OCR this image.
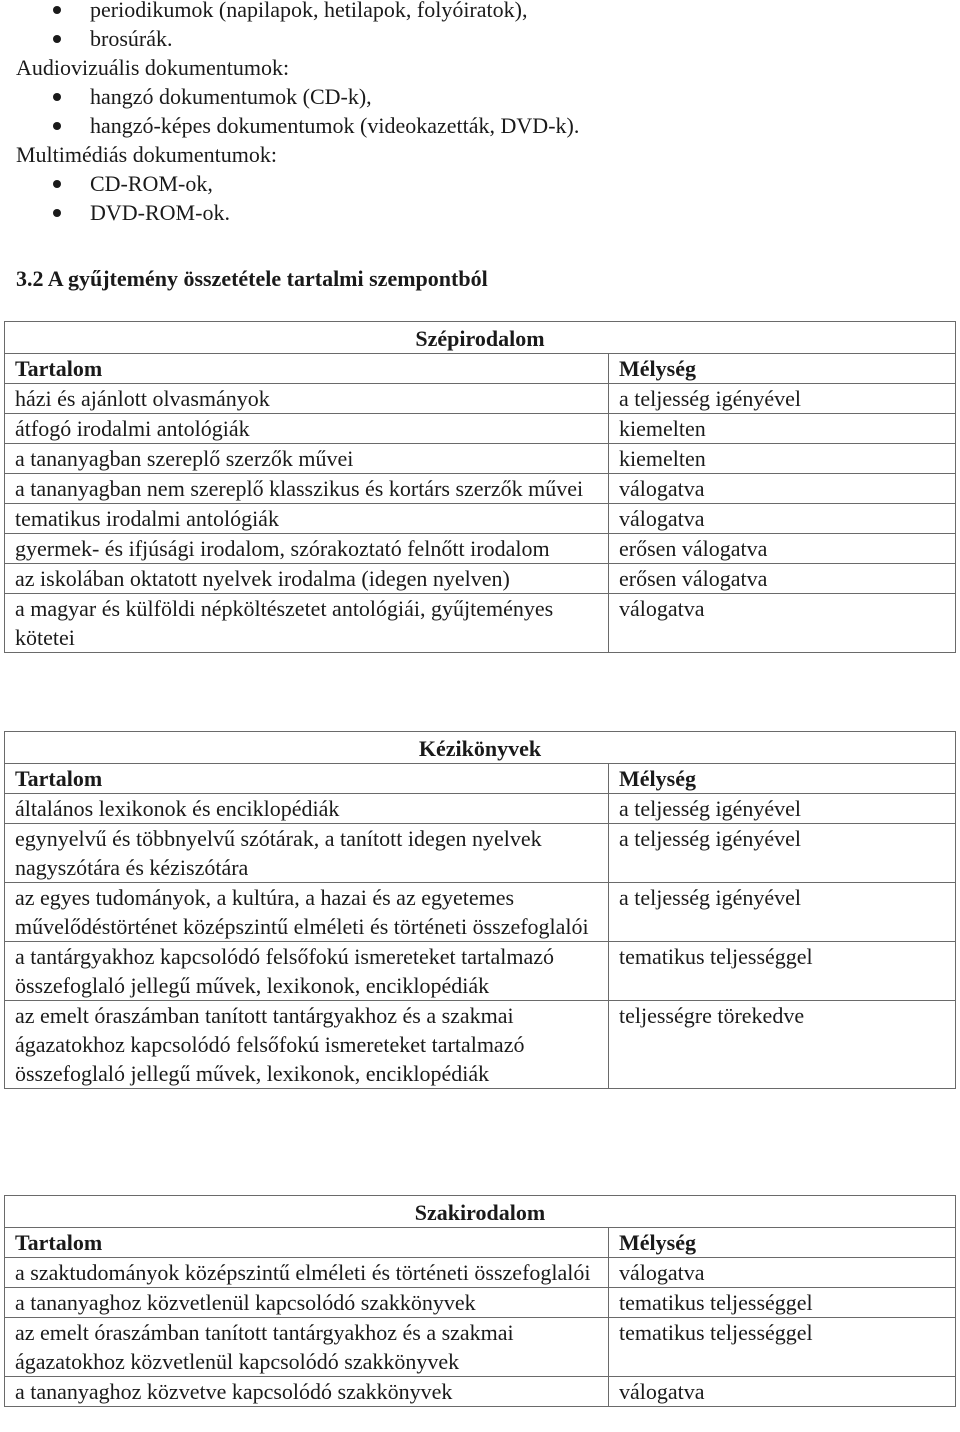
periodikumok (napilapok, hetilapok, folyóiratok),
brosúrák.
Audiovizuális dokumentumok:
hangzó dokumentumok (CD-k),
hangzó-képes dokumentumok (videokazetták, DVD-k).
Multimédiás dokumentumok:
CD-ROM-ok,
DVD-ROM-ok.
3.2 A gyűjtemény összetétele tartalmi szempontból
Szépirodalom	
Tartalom	Mélység
házi és ajánlott olvasmányok	a teljesség igényével
átfogó irodalmi antológiák	kiemelten
a tananyagban szereplő szerzők művei	kiemelten
a tananyagban nem szereplő klasszikus és kortárs szerzők művei	válogatva
tematikus irodalmi antológiák	válogatva
gyermek- és ifjúsági irodalom, szórakoztató felnőtt irodalom	erősen válogatva
az iskolában oktatott nyelvek irodalma (idegen nyelven)	erősen válogatva
a magyar és külföldi népköltészetet antológiái, gyűjteményes kötetei	válogatva
Kézikönyvek	
Tartalom	Mélység
általános lexikonok és enciklopédiák	a teljesség igényével
egynyelvű és többnyelvű szótárak, a tanított idegen nyelvek nagyszótára és kéziszótára	a teljesség igényével
az egyes tudományok, a kultúra, a hazai és az egyetemes művelődéstörténet középszintű elméleti és történeti összefoglalói	a teljesség igényével
a tantárgyakhoz kapcsolódó felsőfokú ismereteket tartalmazó összefoglaló jellegű művek, lexikonok, enciklopédiák	tematikus teljességgel
az emelt óraszámban tanított tantárgyakhoz és a szakmai ágazatokhoz kapcsolódó felsőfokú ismereteket tartalmazó összefoglaló jellegű művek, lexikonok, enciklopédiák	teljességre törekedve
Szakirodalom	
Tartalom	Mélység
a szaktudományok középszintű elméleti és történeti összefoglalói	válogatva
a tananyaghoz közvetlenül kapcsolódó szakkönyvek	tematikus teljességgel
az emelt óraszámban tanított tantárgyakhoz és a szakmai ágazatokhoz közvetlenül kapcsolódó szakkönyvek	tematikus teljességgel
a tananyaghoz közvetve kapcsolódó szakkönyvek	válogatva
